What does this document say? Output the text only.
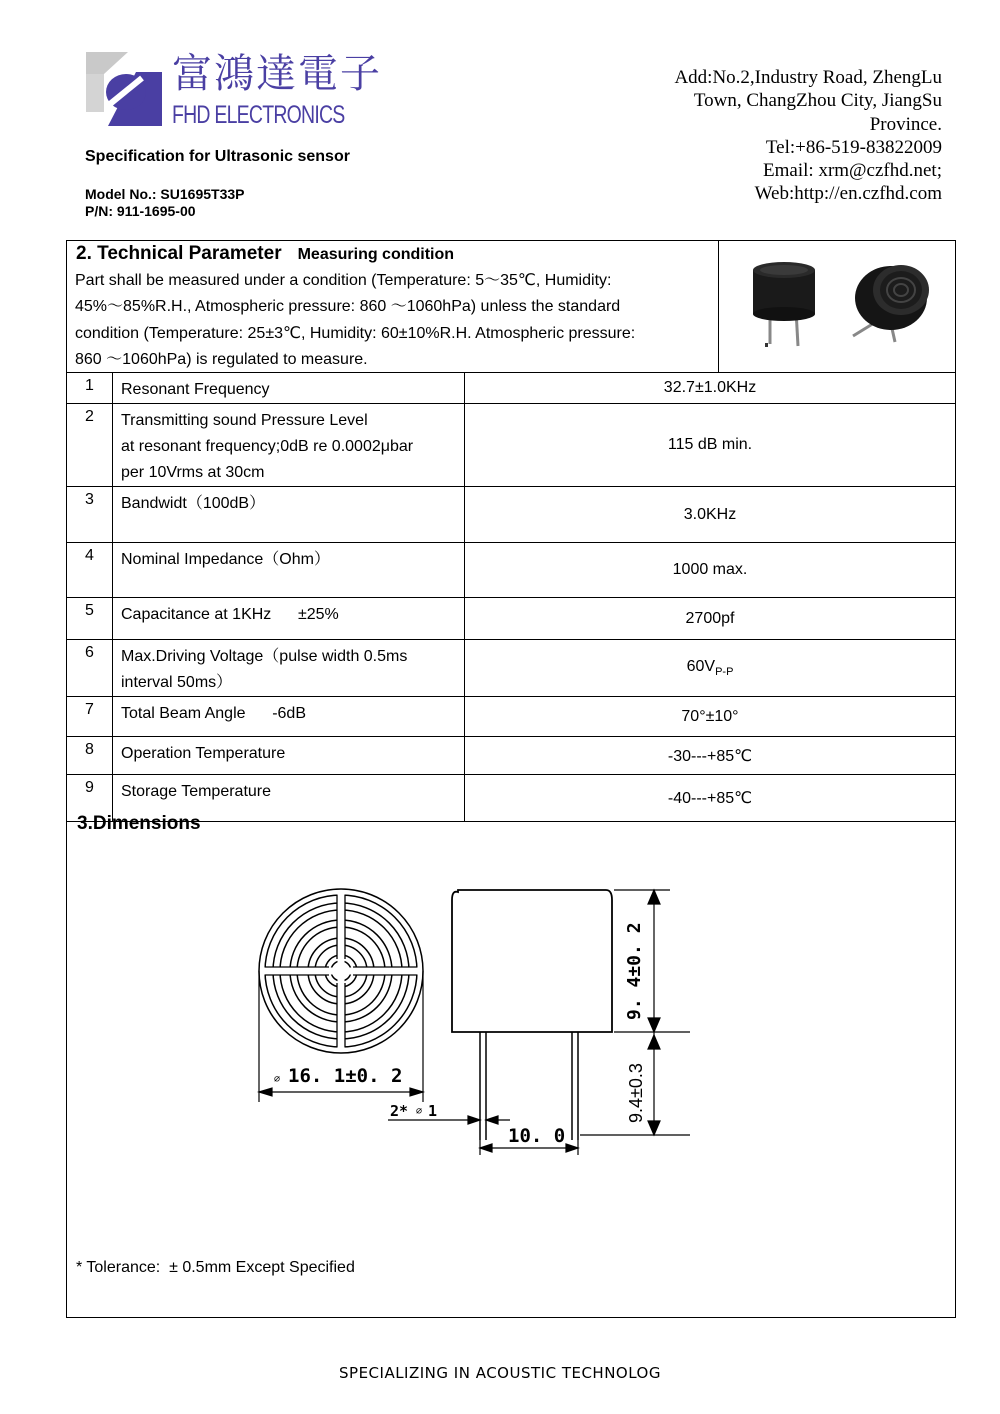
富鴻達電子
FHD ELECTRONICS
Specification for Ultrasonic sensor
Model No.: SU1695T33P
P/N: 911-1695-00
Add:No.2,Industry Road, ZhengLu
Town, ChangZhou City, JiangSu
Province.
Tel:+86-519-83822009
Email: xrm@czfhd.net;
Web:http://en.czfhd.com
2. Technical Parameter Measuring condition
Part shall be measured under a condition (Temperature: 5～35℃, Humidity:
45%～85%R.H., Atmospheric pressure: 860 ～1060hPa) unless the standard
condition (Temperature: 25±3℃, Humidity: 60±10%R.H. Atmospheric pressure:
860 ～1060hPa) is regulated to measure.
1	Resonant Frequency	32.7±1.0KHz
2	Transmitting sound Pressure Level
at resonant frequency;0dB re 0.0002μbar
per 10Vrms at 30cm	115 dB min.
3	Bandwidt（100dB）	3.0KHz
4	Nominal Impedance（Ohm）	1000 max.
5	Capacitance at 1KHz      ±25%	2700pf
6	Max.Driving Voltage（pulse width 0.5ms
interval 50ms）	$60V_{P-P}$
7	Total Beam Angle      -6dB	70°±10°
8	Operation Temperature	-30---+85℃
9	Storage Temperature	-40---+85℃
3.Dimensions
⌀ 16. 1±0. 2
9. 4±0. 2
9.4±0.3
10. 0
2* ⌀ 1
* Tolerance:  ± 0.5mm Except Specified
SPECIALIZING IN ACOUSTIC TECHNOLOG
